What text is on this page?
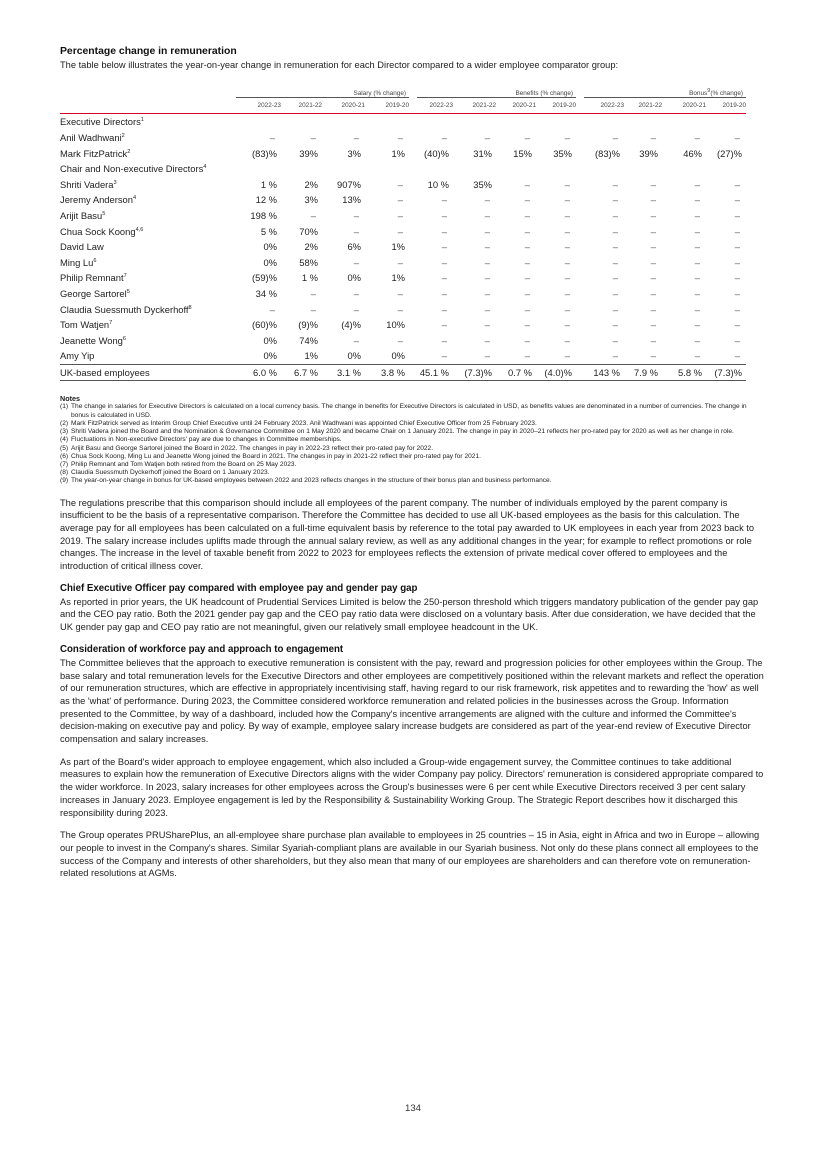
Percentage change in remuneration

The table below illustrates the year-on-year change in remuneration for each Director compared to a wider employee comparator group:

	Salary (% change)				Benefits (% change)				Bonus$^9$(% change)			

	2022-23	2021-22	2020-21	2019-20	2022-23	2021-22	2020-21	2019-20	2022-23	2021-22	2020-21	2019-20
Executive Directors$^1$
Anil Wadhwani$^2$	–	–	–	–	–	–	–	–	–	–	–	–
Mark FitzPatrick$^2$	(83)%	39%	3%	1%	(40)%	31%	15%	35%	(83)%	39%	46%	(27)%
Chair and Non-executive Directors$^4$
Shriti Vadera$^3$	1 %	2%	907%	–	10 %	35%	–	–	–	–	–	–
Jeremy Anderson$^4$	12 %	3%	13%	–	–	–	–	–	–	–	–	–
Arijit Basu$^5$	198 %	–	–	–	–	–	–	–	–	–	–	–
Chua Sock Koong$^{4,6}$	5 %	70%	–	–	–	–	–	–	–	–	–	–
David Law	0%	2%	6%	1%	–	–	–	–	–	–	–	–
Ming Lu$^6$	0%	58%	–	–	–	–	–	–	–	–	–	–
Philip Remnant$^7$	(59)%	1 %	0%	1%	–	–	–	–	–	–	–	–
George Sartorel$^5$	34 %	–	–	–	–	–	–	–	–	–	–	–
Claudia Suessmuth Dyckerhoff$^8$	–	–	–	–	–	–	–	–	–	–	–	–
Tom Watjen$^7$	(60)%	(9)%	(4)%	10%	–	–	–	–	–	–	–	–
Jeanette Wong$^6$	0%	74%	–	–	–	–	–	–	–	–	–	–
Amy Yip	0%	1%	0%	0%	–	–	–	–	–	–	–	–
UK-based employees	6.0 %	6.7 %	3.1 %	3.8 %	45.1 %	(7.3)%	0.7 %	(4.0)%	143 %	7.9 %	5.8 %	(7.3)%
Notes
(1) The change in salaries for Executive Directors is calculated on a local currency basis. The change in benefits for Executive Directors is calculated in USD, as benefits values are denominated in a number of currencies. The change in bonus is calculated in USD.
(2) Mark FitzPatrick served as Interim Group Chief Executive until 24 February 2023. Anil Wadhwani was appointed Chief Executive Officer from 25 February 2023.
(3) Shriti Vadera joined the Board and the Nomination & Governance Committee on 1 May 2020 and became Chair on 1 January 2021. The change in pay in 2020–21 reflects her pro-rated pay for 2020 as well as her change in role.
(4) Fluctuations in Non-executive Directors' pay are due to changes in Committee memberships.
(5) Arijit Basu and George Sartorel joined the Board in 2022. The changes in pay in 2022-23 reflect their pro-rated pay for 2022.
(6) Chua Sock Koong, Ming Lu and Jeanette Wong joined the Board in 2021. The changes in pay in 2021-22 reflect their pro-rated pay for 2021.
(7) Philip Remnant and Tom Watjen both retired from the Board on 25 May 2023.
(8) Claudia Suessmuth Dyckerhoff joined the Board on 1 January 2023.
(9) The year-on-year change in bonus for UK-based employees between 2022 and 2023 reflects changes in the structure of their bonus plan and business performance.

The regulations prescribe that this comparison should include all employees of the parent company. The number of individuals employed by the parent company is insufficient to be the basis of a representative comparison. Therefore the Committee has decided to use all UK-based employees as the basis for this calculation. The average pay for all employees has been calculated on a full-time equivalent basis by reference to the total pay awarded to UK employees in each year from 2023 back to 2019. The salary increase includes uplifts made through the annual salary review, as well as any additional changes in the year; for example to reflect promotions or role changes. The increase in the level of taxable benefit from 2022 to 2023 for employees reflects the extension of private medical cover offered to employees and the introduction of critical illness cover.

Chief Executive Officer pay compared with employee pay and gender pay gap

As reported in prior years, the UK headcount of Prudential Services Limited is below the 250-person threshold which triggers mandatory publication of the gender pay gap and the CEO pay ratio. Both the 2021 gender pay gap and the CEO pay ratio data were disclosed on a voluntary basis. After due consideration, we have decided that the UK gender pay gap and CEO pay ratio are not meaningful, given our relatively small employee headcount in the UK.

Consideration of workforce pay and approach to engagement

The Committee believes that the approach to executive remuneration is consistent with the pay, reward and progression policies for other employees within the Group. The base salary and total remuneration levels for the Executive Directors and other employees are competitively positioned within the relevant markets and reflect the operation of our remuneration structures, which are effective in appropriately incentivising staff, having regard to our risk framework, risk appetites and to rewarding the 'how' as well as the 'what' of performance. During 2023, the Committee considered workforce remuneration and related policies in the businesses across the Group. Information presented to the Committee, by way of a dashboard, included how the Company's incentive arrangements are aligned with the culture and informed the Committee's decision-making on executive pay and policy. By way of example, employee salary increase budgets are considered as part of the year-end review of Executive Director compensation and salary increases.

As part of the Board's wider approach to employee engagement, which also included a Group-wide engagement survey, the Committee continues to take additional measures to explain how the remuneration of Executive Directors aligns with the wider Company pay policy. Directors' remuneration is considered appropriate compared to the wider workforce. In 2023, salary increases for other employees across the Group's businesses were 6 per cent while Executive Directors received 3 per cent salary increases in January 2023. Employee engagement is led by the Responsibility & Sustainability Working Group. The Strategic Report describes how it discharged this responsibility during 2023.

The Group operates PRUSharePlus, an all-employee share purchase plan available to employees in 25 countries – 15 in Asia, eight in Africa and two in Europe – allowing our people to invest in the Company's shares. Similar Syariah-compliant plans are available in our Syariah business. Not only do these plans connect all employees to the success of the Company and interests of other shareholders, but they also mean that many of our employees are shareholders and can therefore vote on remuneration-related resolutions at AGMs.

134
